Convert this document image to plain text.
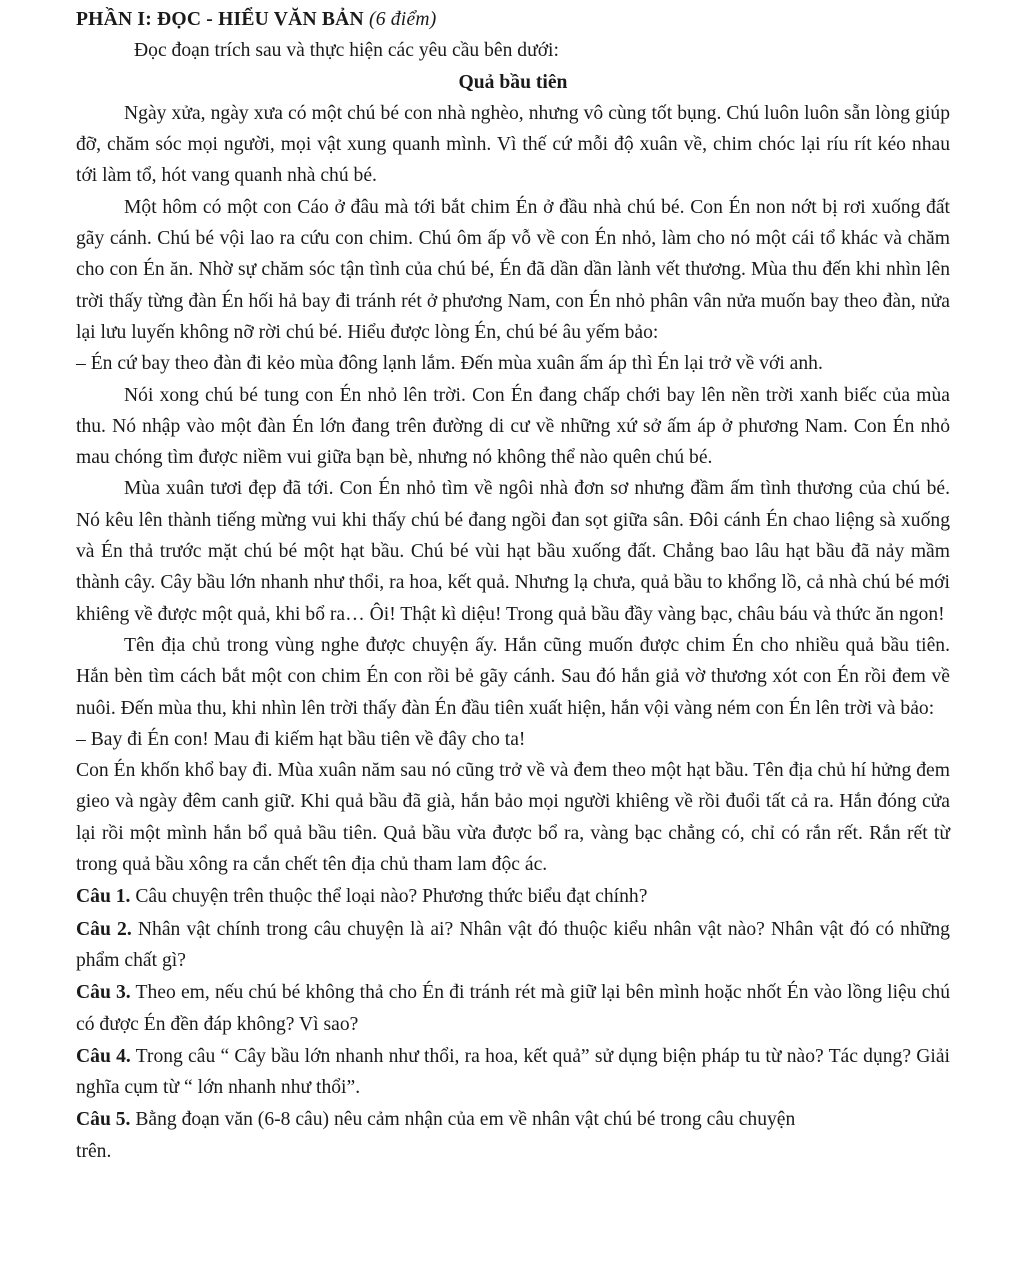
PHẦN I: ĐỌC - HIỂU VĂN BẢN (6 điểm)

Đọc đoạn trích sau và thực hiện các yêu cầu bên dưới:

Quả bầu tiên

Ngày xửa, ngày xưa có một chú bé con nhà nghèo, nhưng vô cùng tốt bụng. Chú luôn luôn sẵn lòng giúp đỡ, chăm sóc mọi người, mọi vật xung quanh mình. Vì thế cứ mỗi độ xuân về, chim chóc lại ríu rít kéo nhau tới làm tổ, hót vang quanh nhà chú bé.

Một hôm có một con Cáo ở đâu mà tới bắt chim Én ở đầu nhà chú bé. Con Én non nớt bị rơi xuống đất gãy cánh. Chú bé vội lao ra cứu con chim. Chú ôm ấp vỗ về con Én nhỏ, làm cho nó một cái tổ khác và chăm cho con Én ăn. Nhờ sự chăm sóc tận tình của chú bé, Én đã dần dần lành vết thương. Mùa thu đến khi nhìn lên trời thấy từng đàn Én hối hả bay đi tránh rét ở phương Nam, con Én nhỏ phân vân nửa muốn bay theo đàn, nửa lại lưu luyến không nỡ rời chú bé. Hiểu được lòng Én, chú bé âu yếm bảo:

– Én cứ bay theo đàn đi kẻo mùa đông lạnh lắm. Đến mùa xuân ấm áp thì Én lại trở về với anh.

Nói xong chú bé tung con Én nhỏ lên trời. Con Én đang chấp chới bay lên nền trời xanh biếc của mùa thu. Nó nhập vào một đàn Én lớn đang trên đường di cư về những xứ sở ấm áp ở phương Nam. Con Én nhỏ mau chóng tìm được niềm vui giữa bạn bè, nhưng nó không thể nào quên chú bé.

Mùa xuân tươi đẹp đã tới. Con Én nhỏ tìm về ngôi nhà đơn sơ nhưng đầm ấm tình thương của chú bé. Nó kêu lên thành tiếng mừng vui khi thấy chú bé đang ngồi đan sọt giữa sân. Đôi cánh Én chao liệng sà xuống và Én thả trước mặt chú bé một hạt bầu. Chú bé vùi hạt bầu xuống đất. Chẳng bao lâu hạt bầu đã nảy mầm thành cây. Cây bầu lớn nhanh như thổi, ra hoa, kết quả. Nhưng lạ chưa, quả bầu to khổng lồ, cả nhà chú bé mới khiêng về được một quả, khi bổ ra… Ôi! Thật kì diệu! Trong quả bầu đầy vàng bạc, châu báu và thức ăn ngon!

Tên địa chủ trong vùng nghe được chuyện ấy. Hắn cũng muốn được chim Én cho nhiều quả bầu tiên. Hắn bèn tìm cách bắt một con chim Én con rồi bẻ gãy cánh. Sau đó hắn giả vờ thương xót con Én rồi đem về nuôi. Đến mùa thu, khi nhìn lên trời thấy đàn Én đầu tiên xuất hiện, hắn vội vàng ném con Én lên trời và bảo:

– Bay đi Én con! Mau đi kiếm hạt bầu tiên về đây cho ta!

Con Én khốn khổ bay đi. Mùa xuân năm sau nó cũng trở về và đem theo một hạt bầu. Tên địa chủ hí hửng đem gieo và ngày đêm canh giữ. Khi quả bầu đã già, hắn bảo mọi người khiêng về rồi đuổi tất cả ra. Hắn đóng cửa lại rồi một mình hắn bổ quả bầu tiên. Quả bầu vừa được bổ ra, vàng bạc chẳng có, chỉ có rắn rết. Rắn rết từ trong quả bầu xông ra cắn chết tên địa chủ tham lam độc ác.

Câu 1. Câu chuyện trên thuộc thể loại nào? Phương thức biểu đạt chính?

Câu 2. Nhân vật chính trong câu chuyện là ai? Nhân vật đó thuộc kiểu nhân vật nào? Nhân vật đó có những phẩm chất gì?

Câu 3. Theo em, nếu chú bé không thả cho Én đi tránh rét mà giữ lại bên mình hoặc nhốt Én vào lồng liệu chú có được Én đền đáp không? Vì sao?

Câu 4. Trong câu “ Cây bầu lớn nhanh như thổi, ra hoa, kết quả” sử dụng biện pháp tu từ nào? Tác dụng? Giải nghĩa cụm từ “ lớn nhanh như thổi”.

Câu 5. Bằng đoạn văn (6-8 câu) nêu cảm nhận của em về nhân vật chú bé trong câu chuyện

trên.
